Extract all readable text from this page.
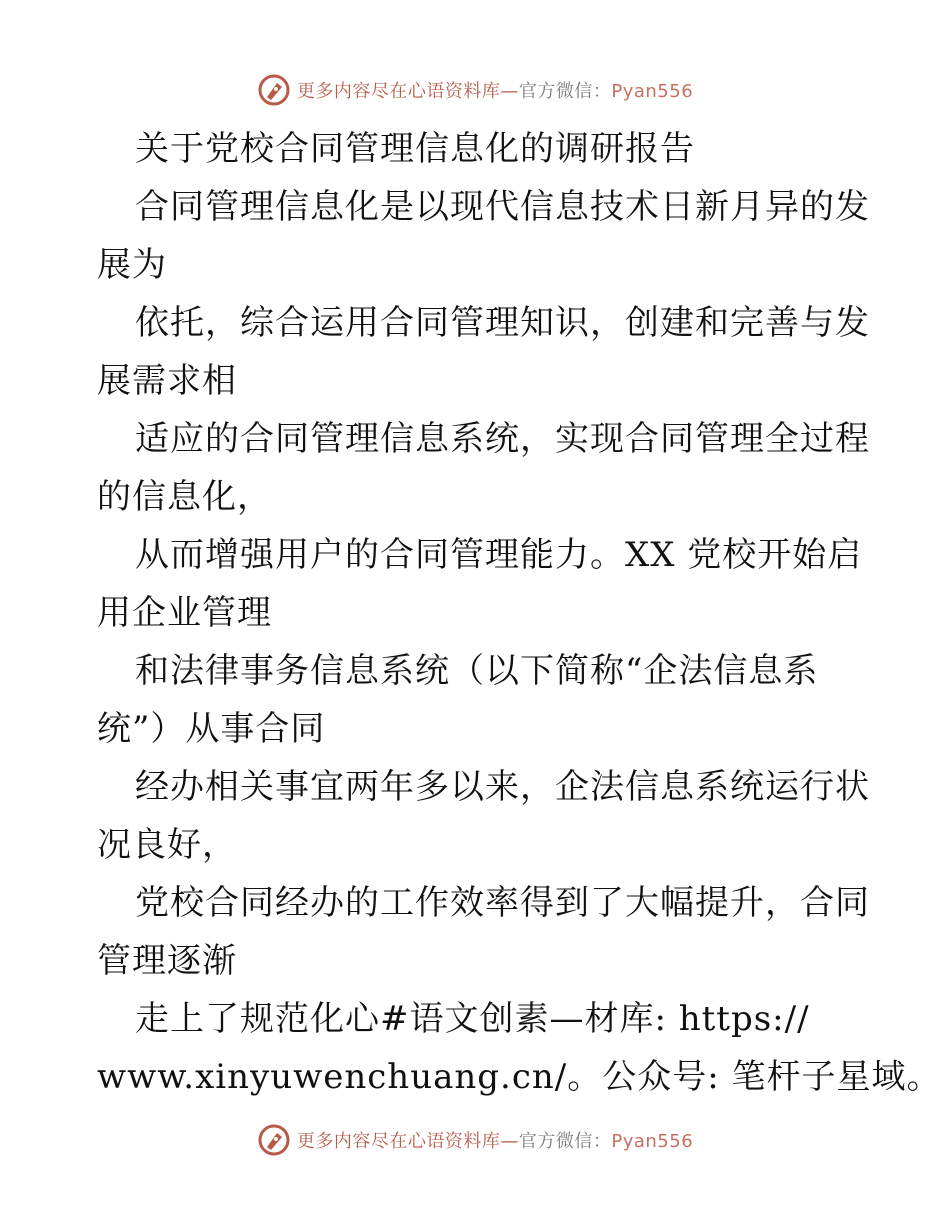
更多内容尽在心语资料库—官方微信：Pyan556
关于党校合同管理信息化的调研报告
合同管理信息化是以现代信息技术日新月异的发
展为
依托，综合运用合同管理知识，创建和完善与发
展需求相
适应的合同管理信息系统，实现合同管理全过程
的信息化，
从而增强用户的合同管理能力。XX 党校开始启
用企业管理
和法律事务信息系统（以下简称“企法信息系
统”）从事合同
经办相关事宜两年多以来，企法信息系统运行状
况良好，
党校合同经办的工作效率得到了大幅提升，合同
管理逐渐
走上了规范化心#语文创素—材库: https://
www.xinyuwenchuang.cn/。公众号: 笔杆子星域。
更多内容尽在心语资料库—官方微信：Pyan556
